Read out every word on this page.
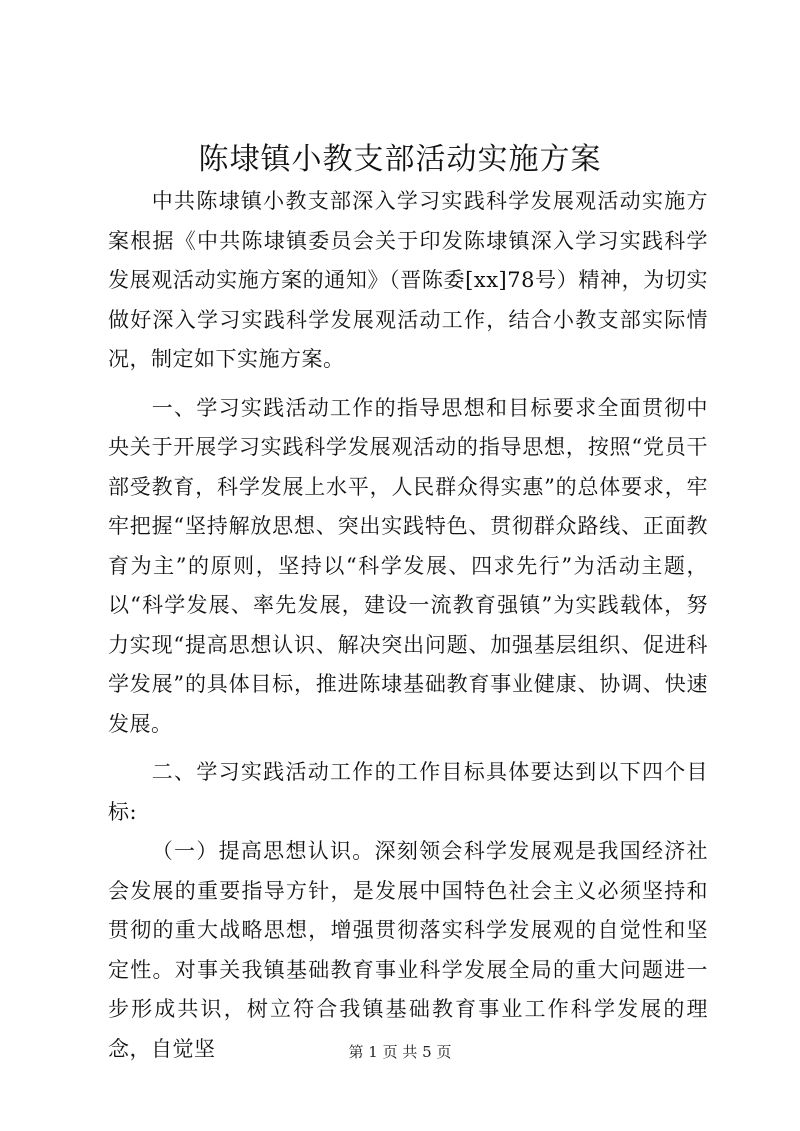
陈埭镇小教支部活动实施方案

中共陈埭镇小教支部深入学习实践科学发展观活动实施方案根据《中共陈埭镇委员会关于印发陈埭镇深入学习实践科学发展观活动实施方案的通知》（晋陈委[xx]78号）精神，为切实做好深入学习实践科学发展观活动工作，结合小教支部实际情况，制定如下实施方案。

一、学习实践活动工作的指导思想和目标要求全面贯彻中央关于开展学习实践科学发展观活动的指导思想，按照“党员干部受教育，科学发展上水平，人民群众得实惠”的总体要求，牢牢把握“坚持解放思想、突出实践特色、贯彻群众路线、正面教育为主”的原则，坚持以“科学发展、四求先行”为活动主题，以“科学发展、率先发展，建设一流教育强镇”为实践载体，努力实现“提高思想认识、解决突出问题、加强基层组织、促进科学发展”的具体目标，推进陈埭基础教育事业健康、协调、快速发展。

二、学习实践活动工作的工作目标具体要达到以下四个目标:

（一）提高思想认识。深刻领会科学发展观是我国经济社会发展的重要指导方针，是发展中国特色社会主义必须坚持和贯彻的重大战略思想，增强贯彻落实科学发展观的自觉性和坚定性。对事关我镇基础教育事业科学发展全局的重大问题进一步形成共识，树立符合我镇基础教育事业工作科学发展的理念，自觉坚	第 1 页 共 5 页
